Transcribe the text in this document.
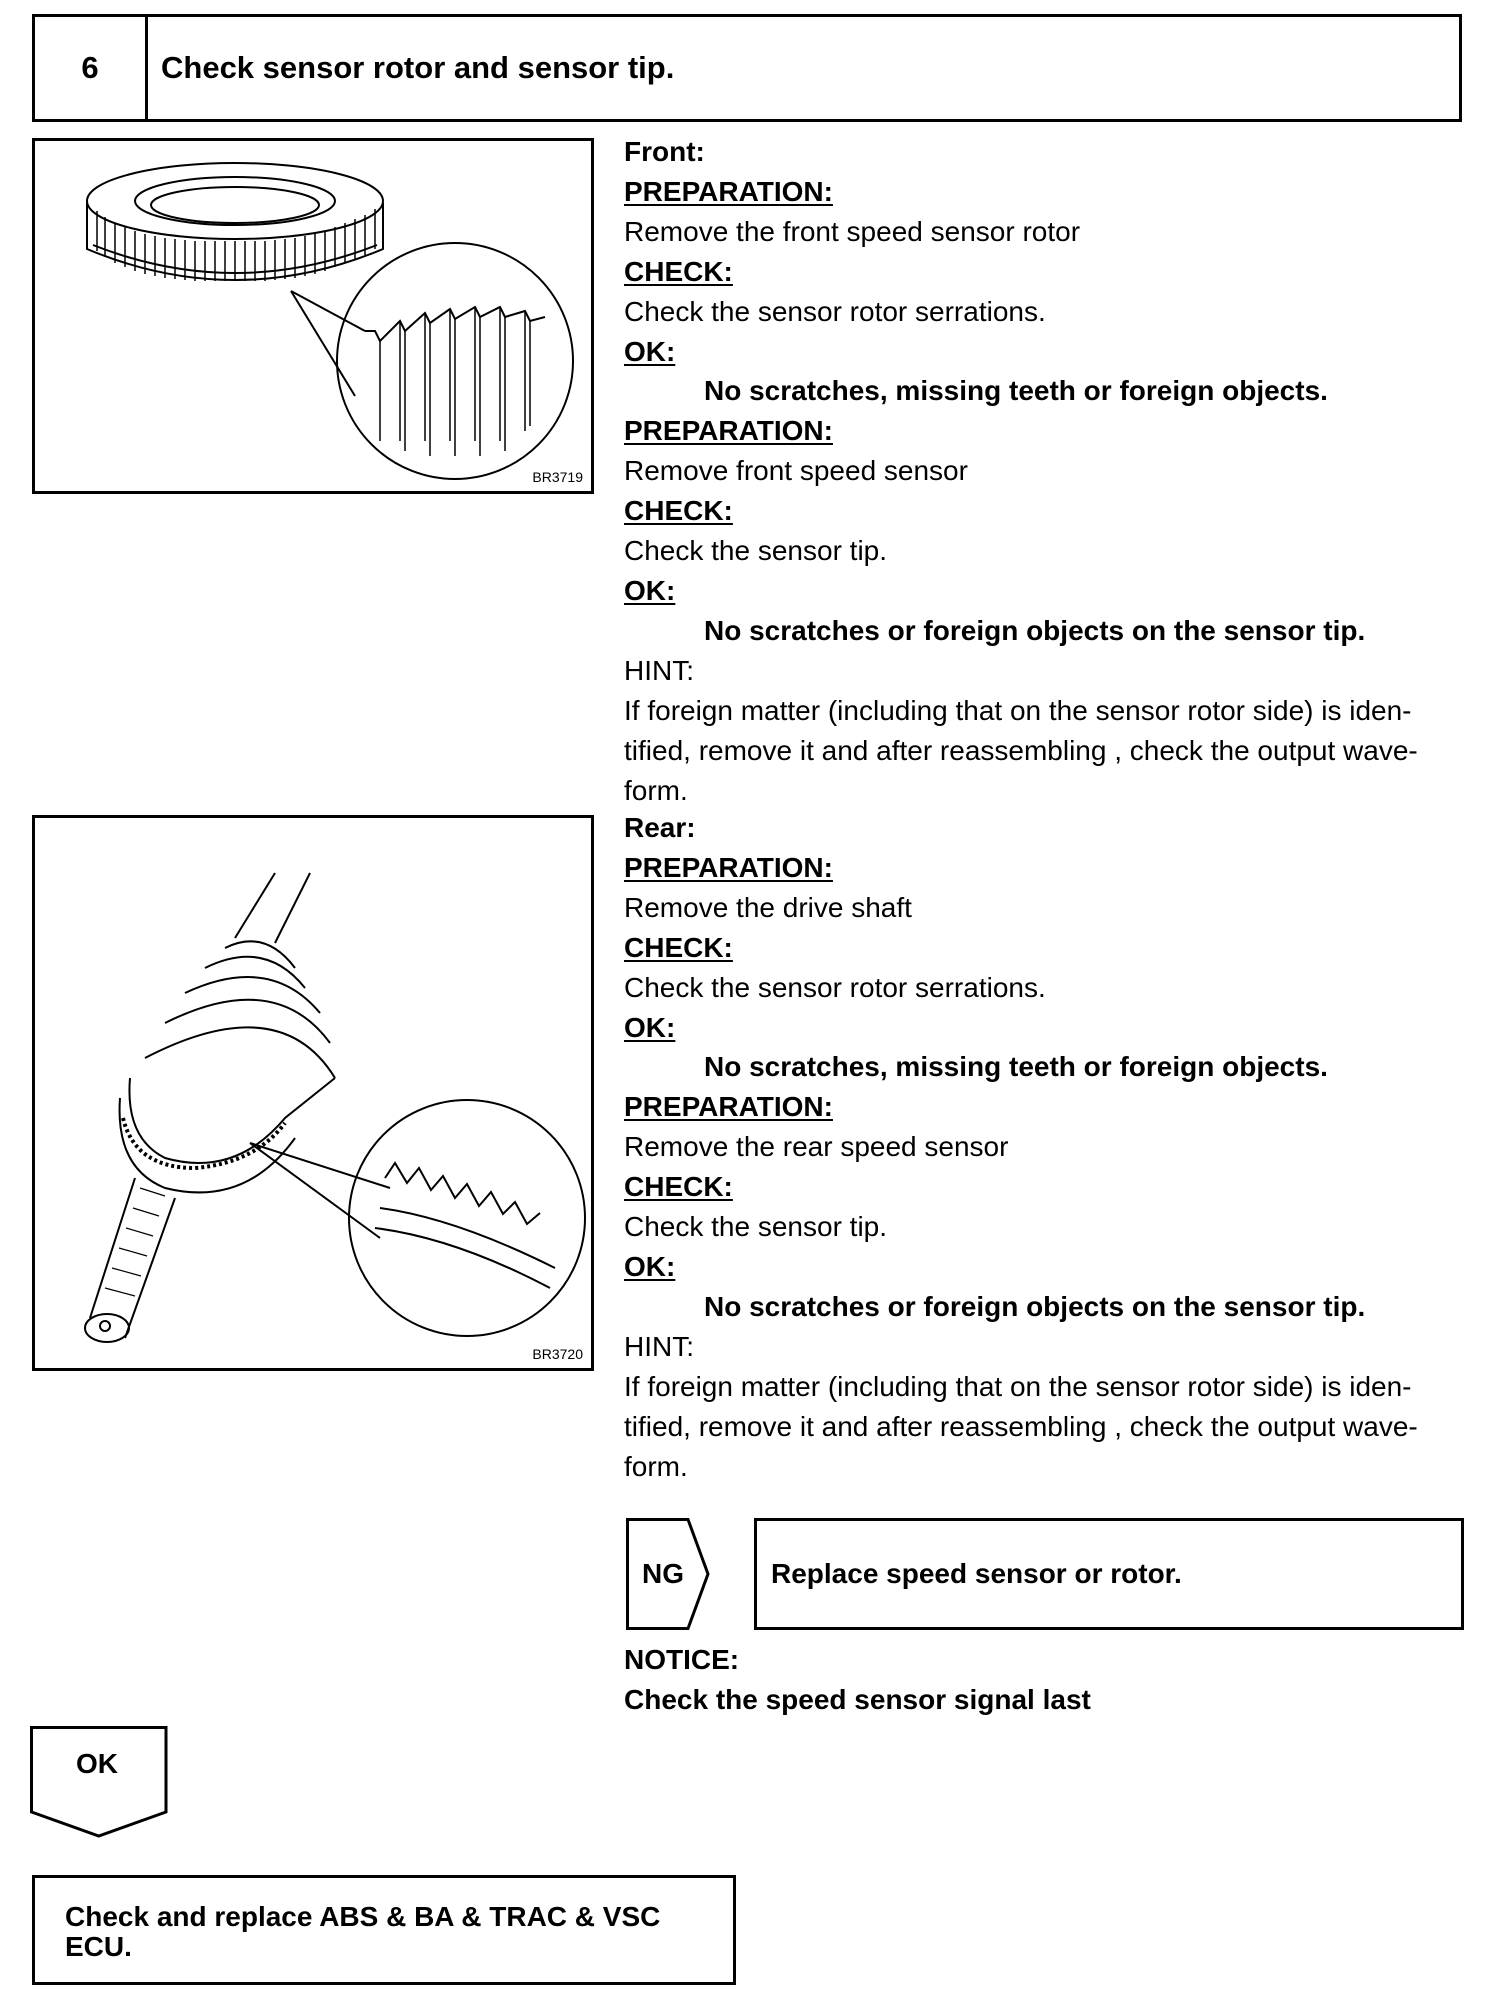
6	Check sensor rotor and sensor tip.
BR3719
BR3720
Front:
PREPARATION:
Remove the front speed sensor rotor
CHECK:
Check the sensor rotor serrations.
OK:
No scratches, missing teeth or foreign objects.
PREPARATION:
Remove front speed sensor
CHECK:
Check the sensor tip.
OK:
No scratches or foreign objects on the sensor tip.
HINT:
If foreign matter (including that on the sensor rotor side) is iden-
tified, remove it and after reassembling , check the output wave-
form.
Rear:
PREPARATION:
Remove the drive shaft
CHECK:
Check the sensor rotor serrations.
OK:
No scratches, missing teeth or foreign objects.
PREPARATION:
Remove the rear speed sensor
CHECK:
Check the sensor tip.
OK:
No scratches or foreign objects on the sensor tip.
HINT:
If foreign matter (including that on the sensor rotor side) is iden-
tified, remove it and after reassembling , check the output wave-
form.
NG	Replace speed sensor or rotor.
NOTICE:
Check the speed sensor signal last
OK
Check and replace ABS & BA & TRAC & VSC
ECU.
